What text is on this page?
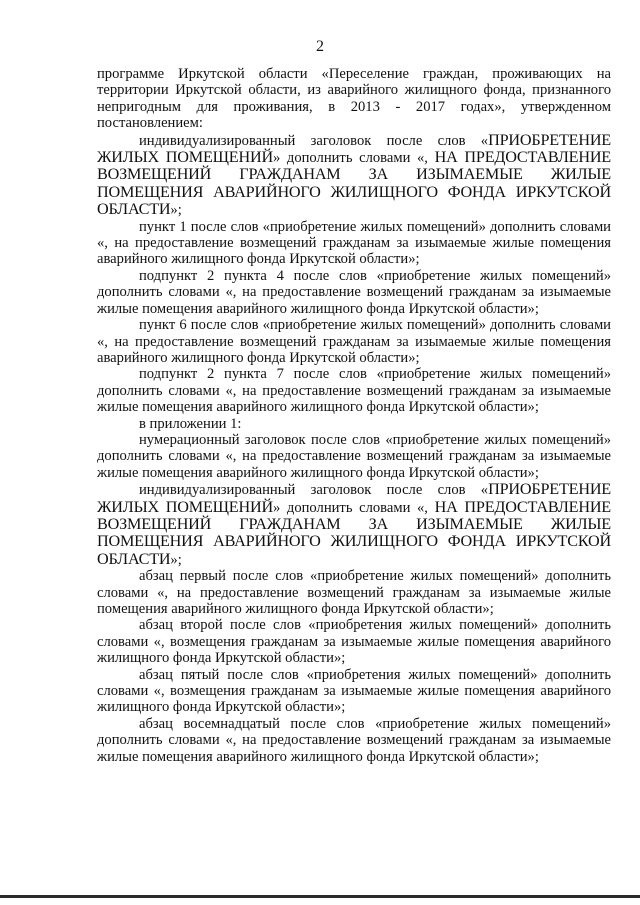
2

программе Иркутской области «Переселение граждан, проживающих на территории Иркутской области, из аварийного жилищного фонда, признанного непригодным для проживания, в 2013 - 2017 годах», утвержденном постановлением:

индивидуализированный заголовок после слов «ПРИОБРЕТЕНИЕ ЖИЛЫХ ПОМЕЩЕНИЙ» дополнить словами «, НА ПРЕДОСТАВЛЕНИЕ ВОЗМЕЩЕНИЙ ГРАЖДАНАМ ЗА ИЗЫМАЕМЫЕ ЖИЛЫЕ ПОМЕЩЕНИЯ АВАРИЙНОГО ЖИЛИЩНОГО ФОНДА ИРКУТСКОЙ ОБЛАСТИ»;

пункт 1 после слов «приобретение жилых помещений» дополнить словами «, на предоставление возмещений гражданам за изымаемые жилые помещения аварийного жилищного фонда Иркутской области»;

подпункт 2 пункта 4 после слов «приобретение жилых помещений» дополнить словами «, на предоставление возмещений гражданам за изымаемые жилые помещения аварийного жилищного фонда Иркутской области»;

пункт 6 после слов «приобретение жилых помещений» дополнить словами «, на предоставление возмещений гражданам за изымаемые жилые помещения аварийного жилищного фонда Иркутской области»;

подпункт 2 пункта 7 после слов «приобретение жилых помещений» дополнить словами «, на предоставление возмещений гражданам за изымаемые жилые помещения аварийного жилищного фонда Иркутской области»;

в приложении 1:

нумерационный заголовок после слов «приобретение жилых помещений» дополнить словами «, на предоставление возмещений гражданам за изымаемые жилые помещения аварийного жилищного фонда Иркутской области»;

индивидуализированный заголовок после слов «ПРИОБРЕТЕНИЕ ЖИЛЫХ ПОМЕЩЕНИЙ» дополнить словами «, НА ПРЕДОСТАВЛЕНИЕ ВОЗМЕЩЕНИЙ ГРАЖДАНАМ ЗА ИЗЫМАЕМЫЕ ЖИЛЫЕ ПОМЕЩЕНИЯ АВАРИЙНОГО ЖИЛИЩНОГО ФОНДА ИРКУТСКОЙ ОБЛАСТИ»;

абзац первый после слов «приобретение жилых помещений» дополнить словами «, на предоставление возмещений гражданам за изымаемые жилые помещения аварийного жилищного фонда Иркутской области»;

абзац второй после слов «приобретения жилых помещений» дополнить словами «, возмещения гражданам за изымаемые жилые помещения аварийного жилищного фонда Иркутской области»;

абзац пятый после слов «приобретения жилых помещений» дополнить словами «, возмещения гражданам за изымаемые жилые помещения аварийного жилищного фонда Иркутской области»;

абзац восемнадцатый после слов «приобретение жилых помещений» дополнить словами «, на предоставление возмещений гражданам за изымаемые жилые помещения аварийного жилищного фонда Иркутской области»;
